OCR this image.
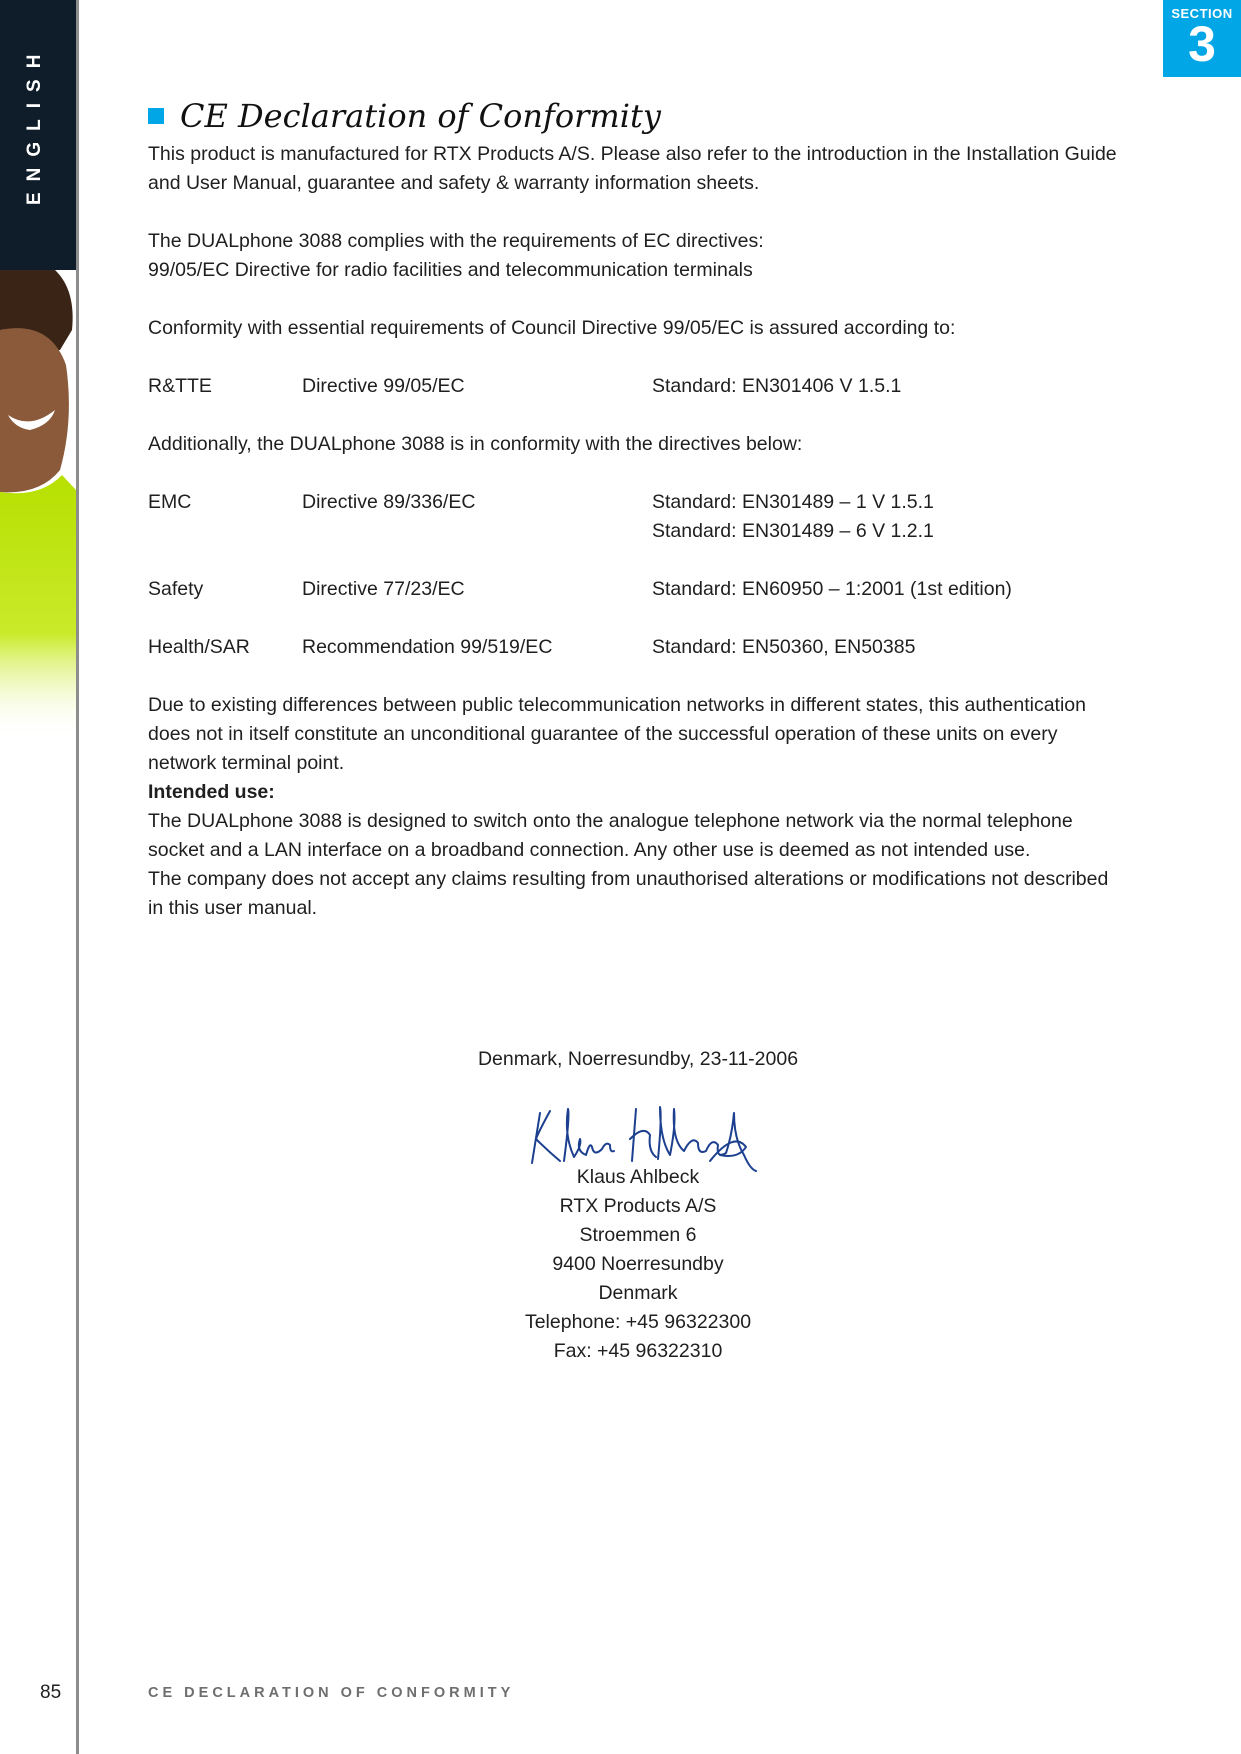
ENGLISH
SECTION
3
CE Declaration of Conformity

This product is manufactured for RTX Products A/S. Please also refer to the introduction in the Installation Guide

and User Manual, guarantee and safety & warranty information sheets.

The DUALphone 3088 complies with the requirements of EC directives:

99/05/EC Directive for radio facilities and telecommunication terminals

Conformity with essential requirements of Council Directive 99/05/EC is assured according to:

R&TTE	Directive 99/05/EC	Standard: EN301406 V 1.5.1

Additionally, the DUALphone 3088 is in conformity with the directives below:

EMC	Directive 89/336/EC	Standard: EN301489 – 1 V 1.5.1
Standard: EN301489 – 6 V 1.2.1
Safety	Directive 77/23/EC	Standard: EN60950 – 1:2001 (1st edition)
Health/SAR	Recommendation 99/519/EC	Standard: EN50360, EN50385

Due to existing differences between public telecommunication networks in different states, this authentication

does not in itself constitute an unconditional guarantee of the successful operation of these units on every

network terminal point.

Intended use:

The DUALphone 3088 is designed to switch onto the analogue telephone network via the normal telephone

socket and a LAN interface on a broadband connection. Any other use is deemed as not intended use.

The company does not accept any claims resulting from unauthorised alterations or modifications not described

in this user manual.

Denmark, Noerresundby, 23-11-2006
Klaus Ahlbeck
RTX Products A/S
Stroemmen 6
9400 Noerresundby
Denmark
Telephone: +45 96322300
Fax: +45 96322310
85	CE DECLARATION OF CONFORMITY
